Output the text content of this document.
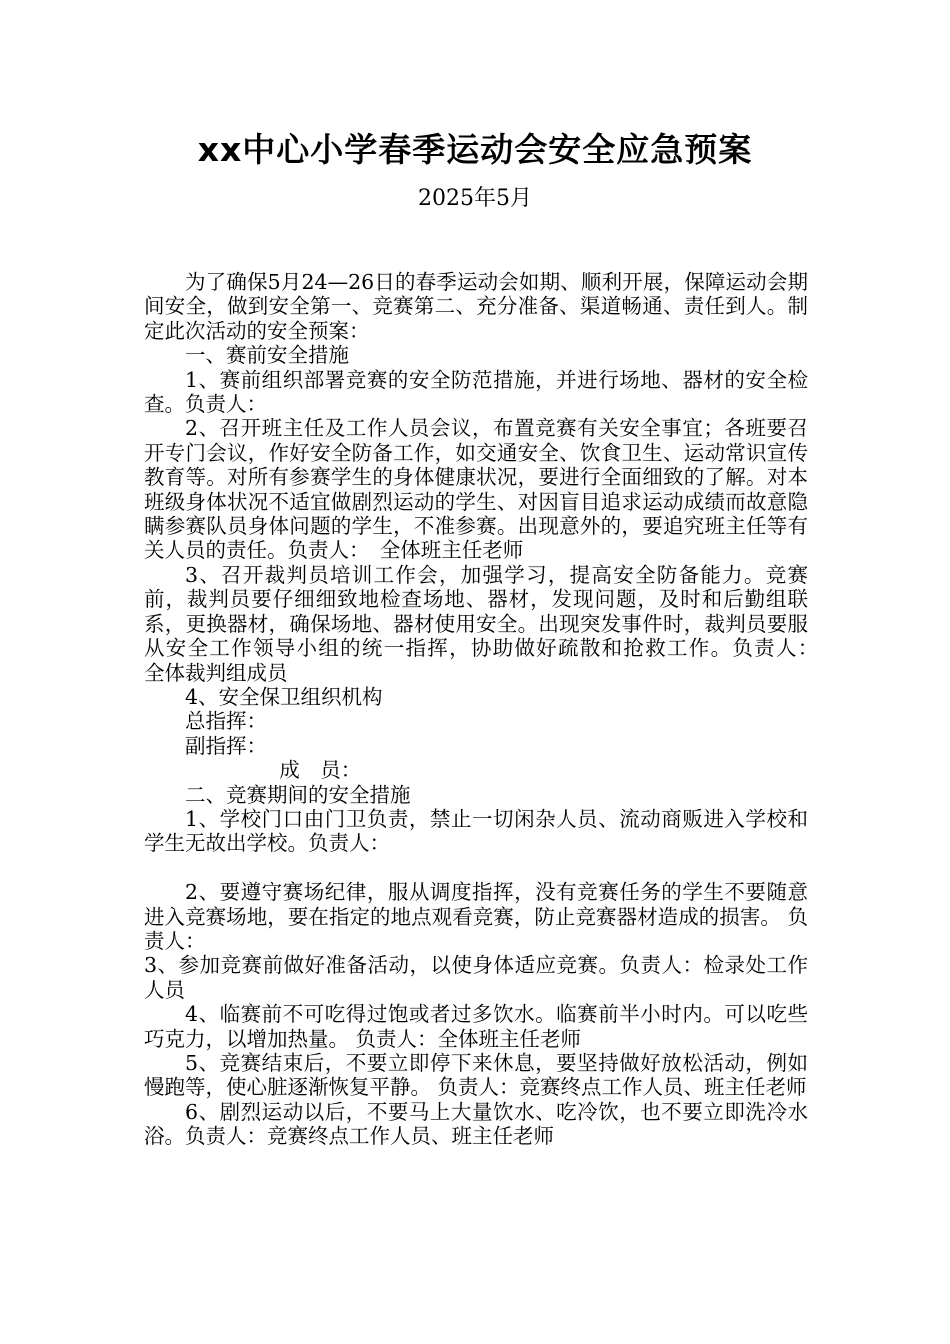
xx中心小学春季运动会安全应急预案
2025年5月

为了确保5月24—26日的春季运动会如期、顺利开展，保障运动会期间安全，做到安全第一、竞赛第二、充分准备、渠道畅通、责任到人。制定此次活动的安全预案：

一、赛前安全措施

1、赛前组织部署竞赛的安全防范措施，并进行场地、器材的安全检查。负责人：

2、召开班主任及工作人员会议，布置竞赛有关安全事宜；各班要召开专门会议，作好安全防备工作，如交通安全、饮食卫生、运动常识宣传教育等。对所有参赛学生的身体健康状况，要进行全面细致的了解。对本班级身体状况不适宜做剧烈运动的学生、对因盲目追求运动成绩而故意隐瞒参赛队员身体问题的学生，不准参赛。出现意外的，要追究班主任等有关人员的责任。负责人：　全体班主任老师

3、召开裁判员培训工作会，加强学习，提高安全防备能力。竞赛前，裁判员要仔细细致地检查场地、器材，发现问题，及时和后勤组联系，更换器材，确保场地、器材使用安全。出现突发事件时，裁判员要服从安全工作领导小组的统一指挥，协助做好疏散和抢救工作。负责人：　全体裁判组成员

4、安全保卫组织机构

总指挥：

副指挥：

成　员：

二、竞赛期间的安全措施

1、学校门口由门卫负责，禁止一切闲杂人员、流动商贩进入学校和学生无故出学校。负责人：

2、要遵守赛场纪律，服从调度指挥，没有竞赛任务的学生不要随意进入竞赛场地，要在指定的地点观看竞赛，防止竞赛器材造成的损害。 负责人：

3、参加竞赛前做好准备活动，以使身体适应竞赛。负责人：检录处工作人员

4、临赛前不可吃得过饱或者过多饮水。临赛前半小时内。可以吃些巧克力，以增加热量。 负责人：全体班主任老师

5、竞赛结束后，不要立即停下来休息，要坚持做好放松活动，例如慢跑等，使心脏逐渐恢复平静。 负责人：竞赛终点工作人员、班主任老师

6、剧烈运动以后，不要马上大量饮水、吃冷饮，也不要立即洗冷水浴。负责人：竞赛终点工作人员、班主任老师
